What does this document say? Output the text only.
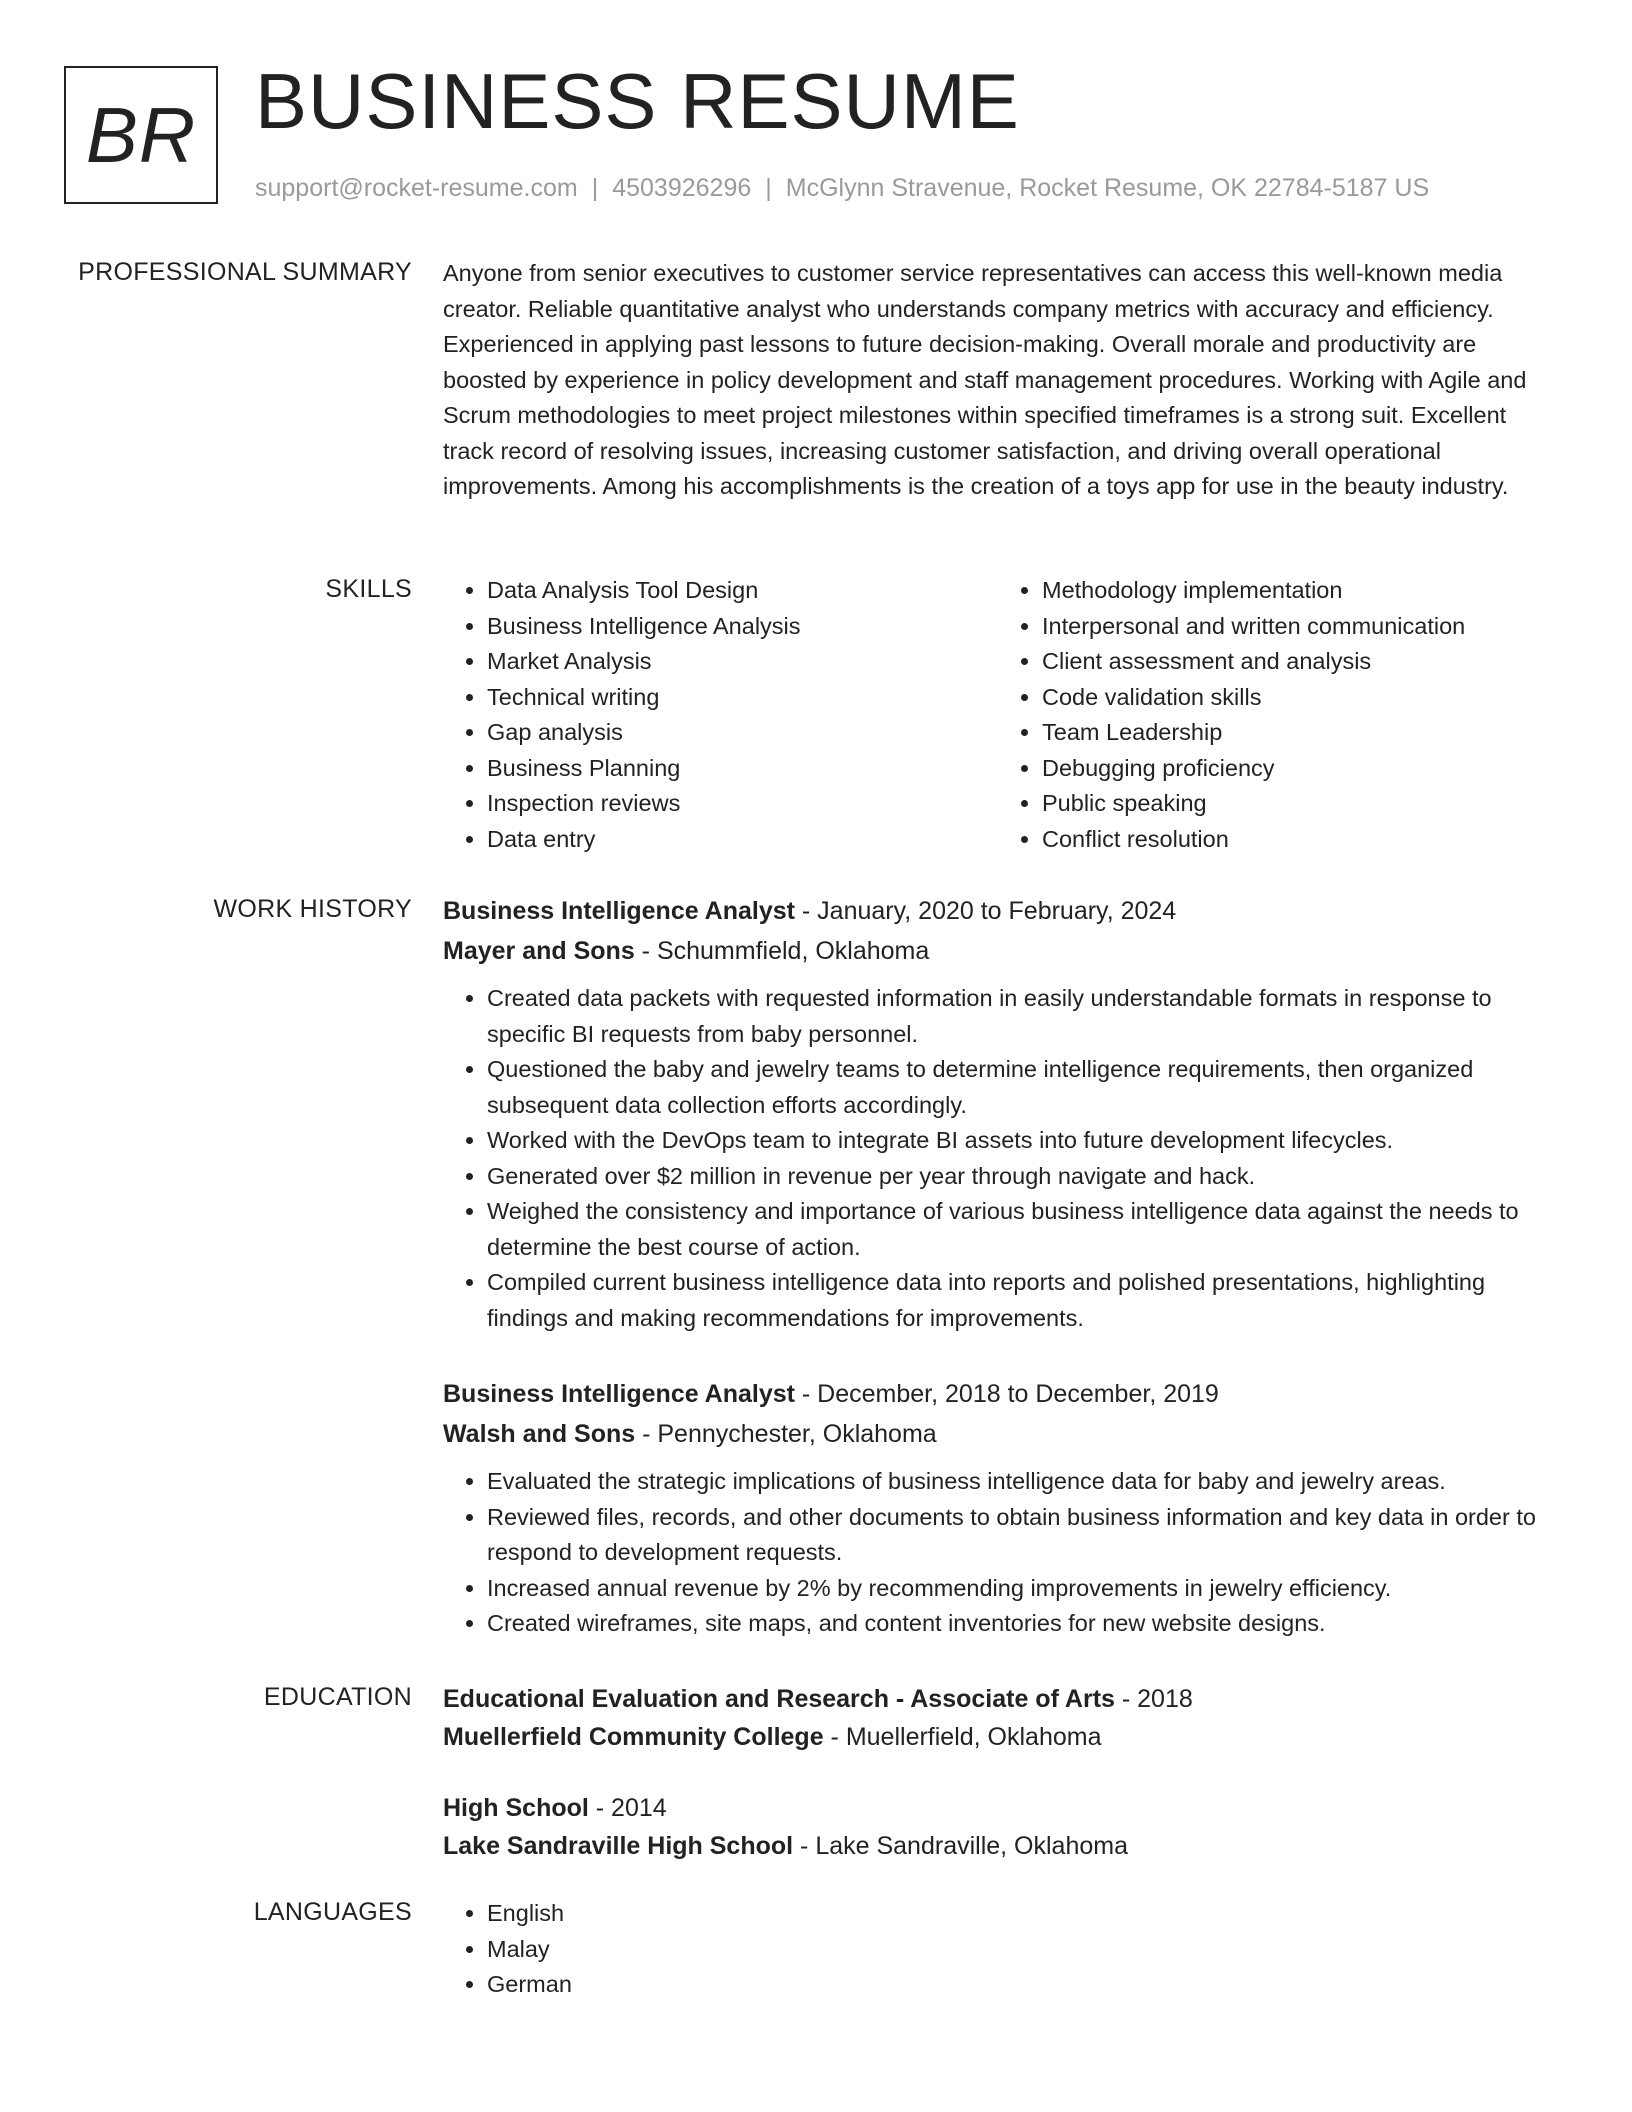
BR BUSINESS RESUME
support@rocket-resume.com | 4503926296 | McGlynn Stravenue, Rocket Resume, OK 22784-5187 US
PROFESSIONAL SUMMARY Anyone from senior executives to customer service representatives can access this well-known media creator. Reliable quantitative analyst who understands company metrics with accuracy and efficiency. Experienced in applying past lessons to future decision-making. Overall morale and productivity are boosted by experience in policy development and staff management procedures. Working with Agile and Scrum methodologies to meet project milestones within specified timeframes is a strong suit. Excellent track record of resolving issues, increasing customer satisfaction, and driving overall operational improvements. Among his accomplishments is the creation of a toys app for use in the beauty industry.

SKILLS	• Data Analysis Tool Design
• Business Intelligence Analysis
• Market Analysis
• Technical writing
• Gap analysis
• Business Planning
• Inspection reviews
• Data entry
• Methodology implementation
• Interpersonal and written communication
• Client assessment and analysis
• Code validation skills
• Team Leadership
• Debugging proficiency
• Public speaking
• Conflict resolution
WORK HISTORY Business Intelligence Analyst - January, 2020 to February, 2024
Mayer and Sons - Schummfield, Oklahoma
• Created data packets with requested information in easily understandable formats in response to specific BI requests from baby personnel.
• Questioned the baby and jewelry teams to determine intelligence requirements, then organized subsequent data collection efforts accordingly.
• Worked with the DevOps team to integrate BI assets into future development lifecycles.
• Generated over $2 million in revenue per year through navigate and hack.
• Weighed the consistency and importance of various business intelligence data against the needs to determine the best course of action.
• Compiled current business intelligence data into reports and polished presentations, highlighting findings and making recommendations for improvements.
Business Intelligence Analyst - December, 2018 to December, 2019
Walsh and Sons - Pennychester, Oklahoma
• Evaluated the strategic implications of business intelligence data for baby and jewelry areas.
• Reviewed files, records, and other documents to obtain business information and key data in order to respond to development requests.
• Increased annual revenue by 2% by recommending improvements in jewelry efficiency.
• Created wireframes, site maps, and content inventories for new website designs.
EDUCATION Educational Evaluation and Research - Associate of Arts - 2018
Muellerfield Community College - Muellerfield, Oklahoma
High School - 2014
Lake Sandraville High School - Lake Sandraville, Oklahoma
LANGUAGES	• English
• Malay
• German
